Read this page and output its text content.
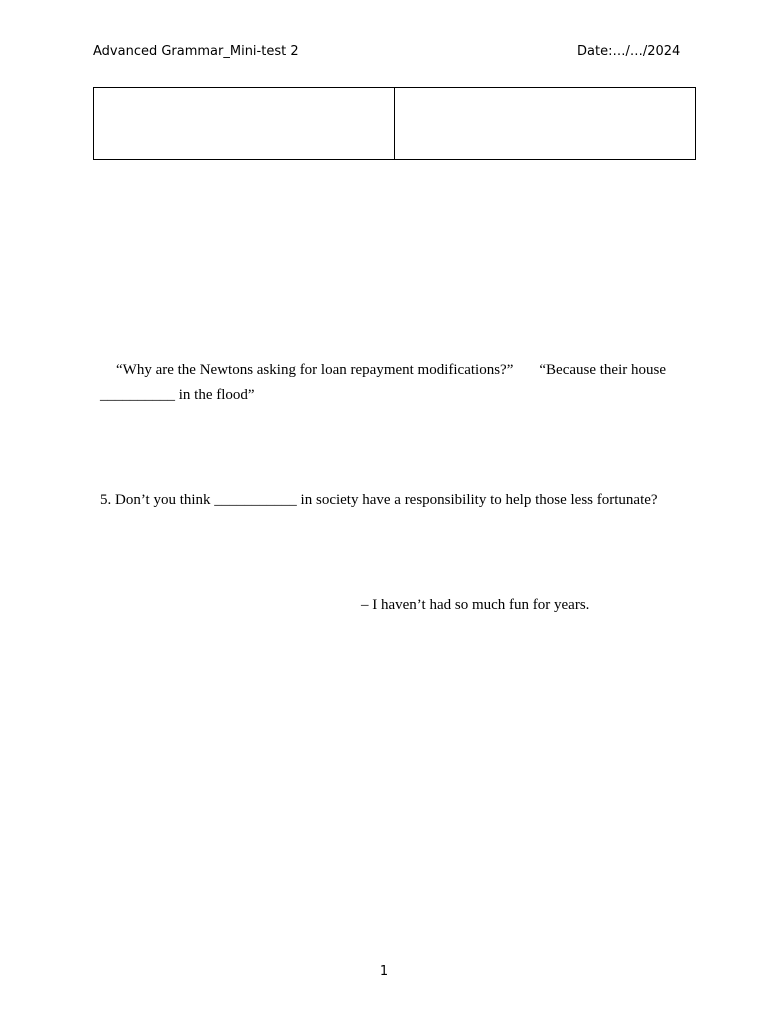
Advanced Grammar_Mini-test 2	Date:…/…/2024
“Why are the Newtons asking for loan repayment modifications?” “Because their house
__________ in the flood”
5. Don’t you think ___________ in society have a responsibility to help those less fortunate?
– I haven’t had so much fun for years.
1
